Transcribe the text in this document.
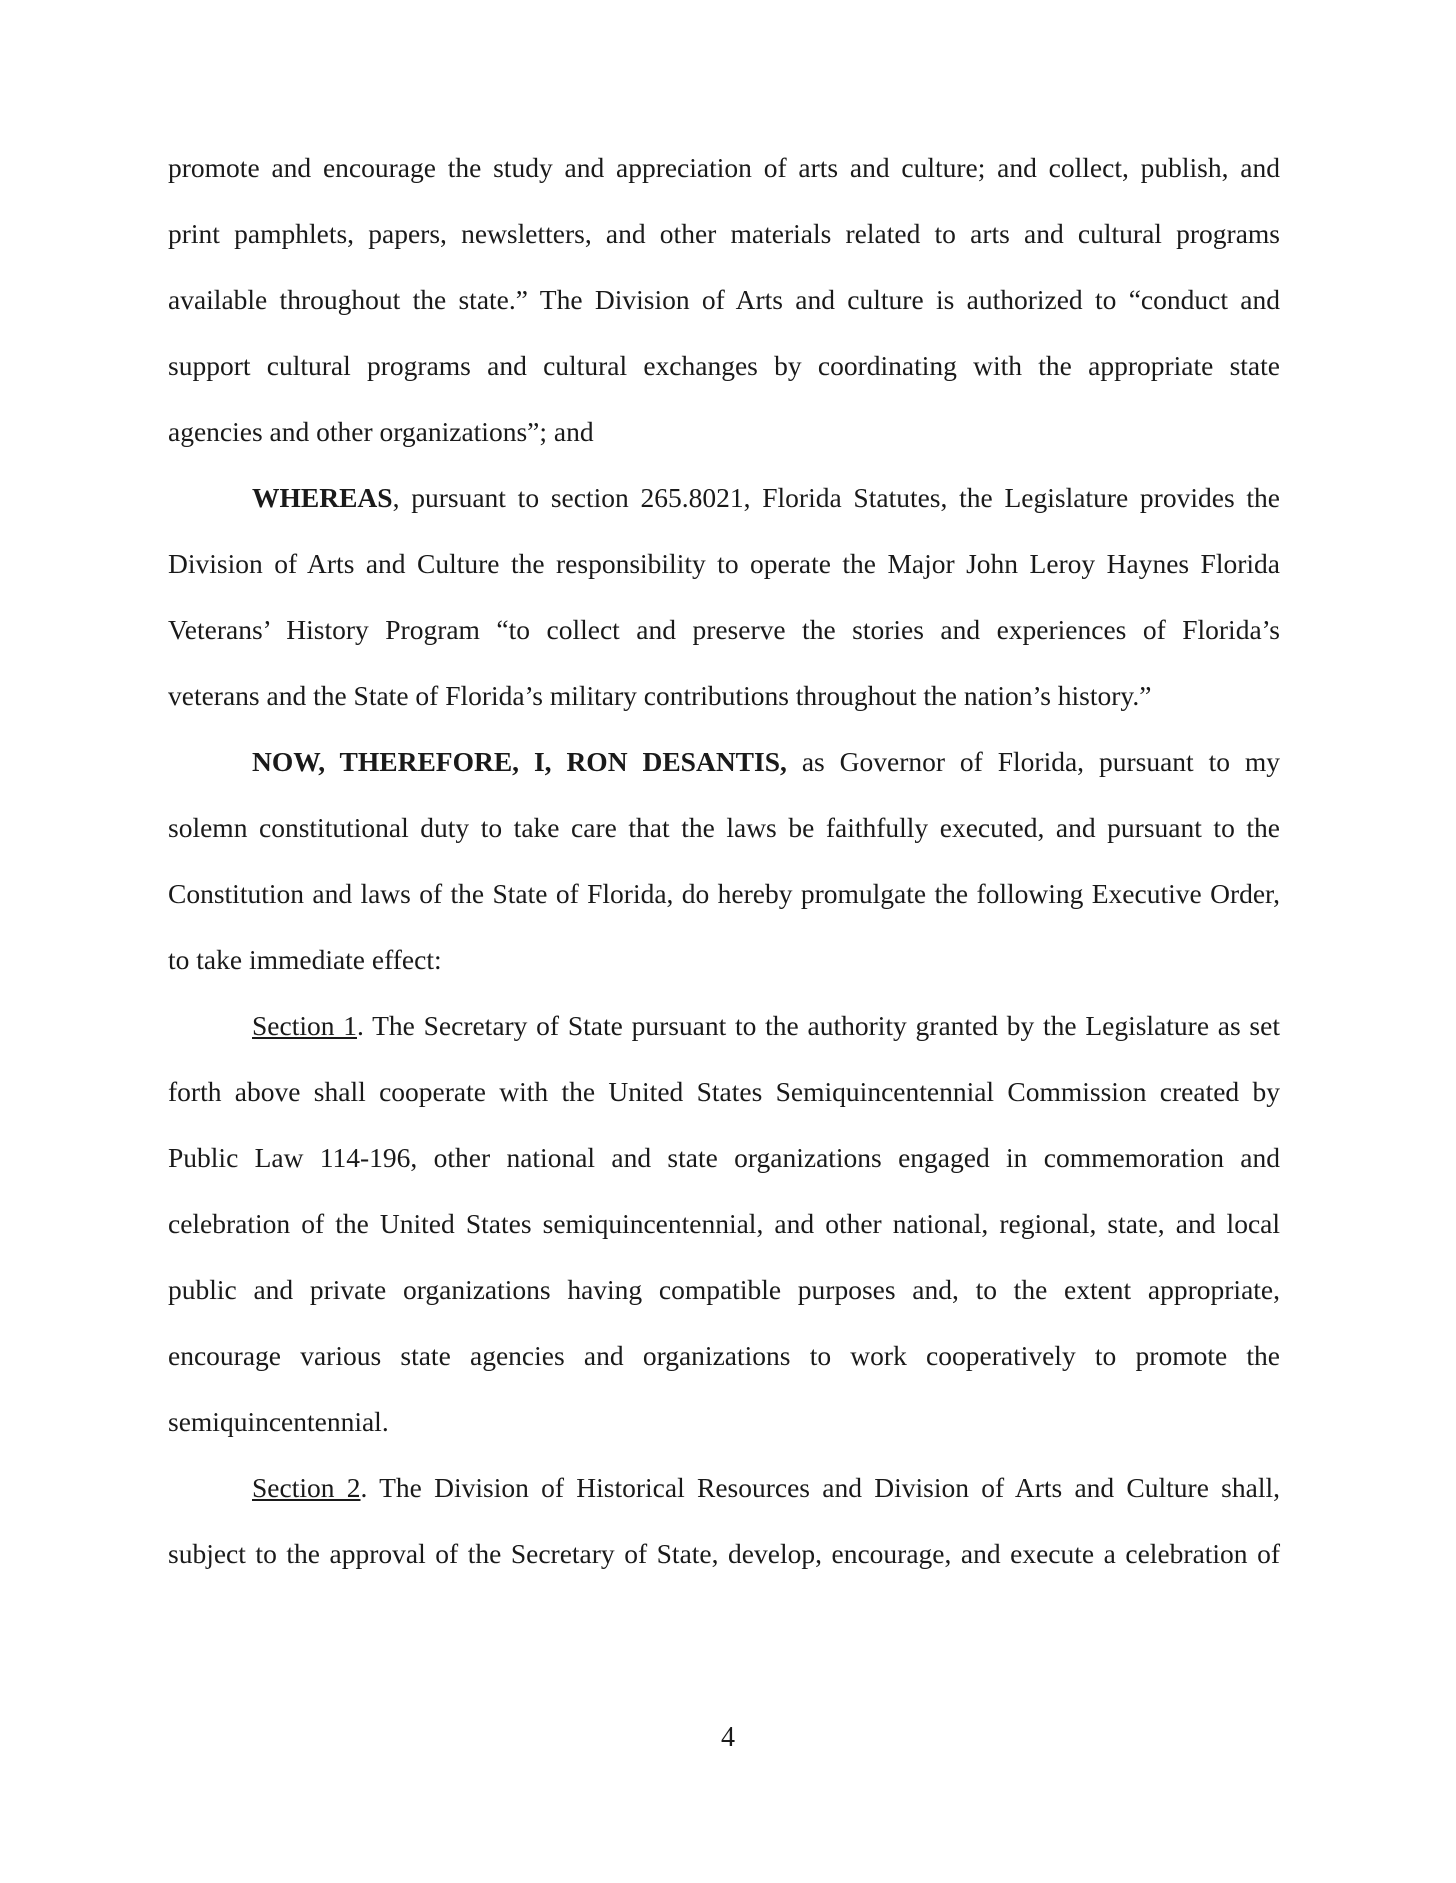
promote and encourage the study and appreciation of arts and culture; and collect, publish, and
print pamphlets, papers, newsletters, and other materials related to arts and cultural programs
available throughout the state.” The Division of Arts and culture is authorized to “conduct and
support cultural programs and cultural exchanges by coordinating with the appropriate state
agencies and other organizations”; and
WHEREAS, pursuant to section 265.8021, Florida Statutes, the Legislature provides the
Division of Arts and Culture the responsibility to operate the Major John Leroy Haynes Florida
Veterans’ History Program “to collect and preserve the stories and experiences of Florida’s
veterans and the State of Florida’s military contributions throughout the nation’s history.”
NOW, THEREFORE, I, RON DESANTIS, as Governor of Florida, pursuant to my
solemn constitutional duty to take care that the laws be faithfully executed, and pursuant to the
Constitution and laws of the State of Florida, do hereby promulgate the following Executive Order,
to take immediate effect:
Section 1. The Secretary of State pursuant to the authority granted by the Legislature as set
forth above shall cooperate with the United States Semiquincentennial Commission created by
Public Law 114-196, other national and state organizations engaged in commemoration and
celebration of the United States semiquincentennial, and other national, regional, state, and local
public and private organizations having compatible purposes and, to the extent appropriate,
encourage various state agencies and organizations to work cooperatively to promote the
semiquincentennial.
Section 2. The Division of Historical Resources and Division of Arts and Culture shall,
subject to the approval of the Secretary of State, develop, encourage, and execute a celebration of
4
